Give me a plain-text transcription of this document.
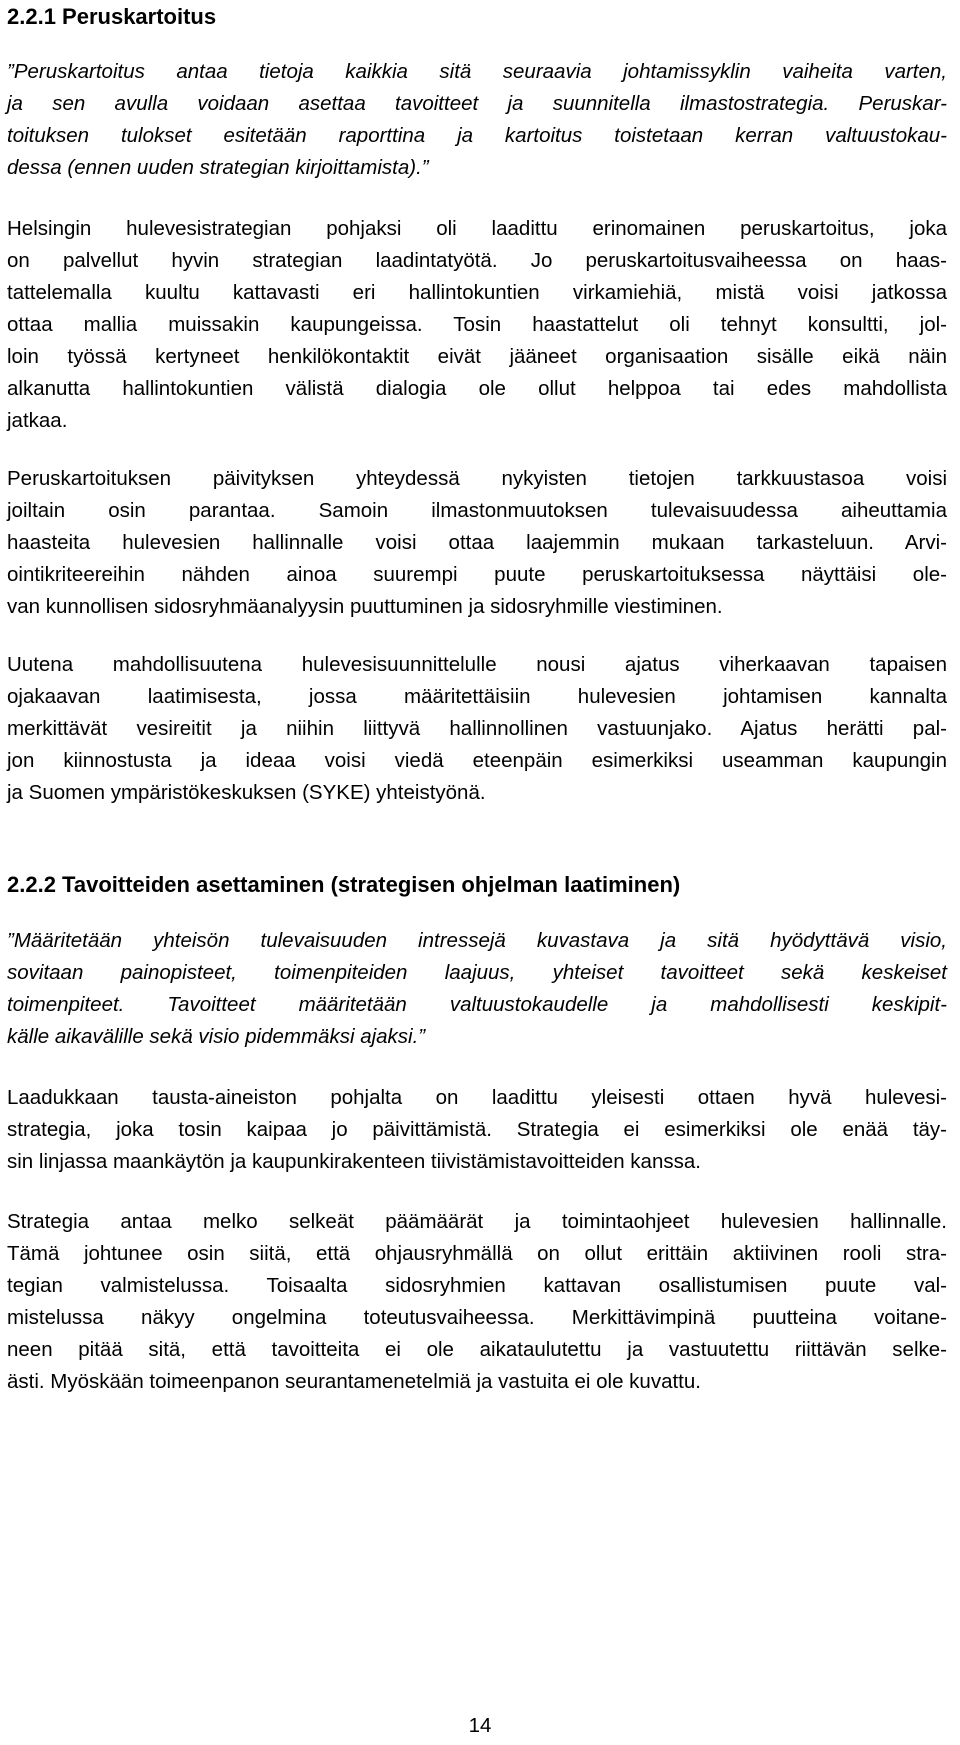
2.2.1 Peruskartoitus
”Peruskartoitus antaa tietoja kaikkia sitä seuraavia johtamissyklin vaiheita varten,
ja sen avulla voidaan asettaa tavoitteet ja suunnitella ilmastostrategia. Peruskar-
toituksen tulokset esitetään raporttina ja kartoitus toistetaan kerran valtuustokau-
dessa (ennen uuden strategian kirjoittamista).”
Helsingin hulevesistrategian pohjaksi oli laadittu erinomainen peruskartoitus, joka
on palvellut hyvin strategian laadintatyötä. Jo peruskartoitusvaiheessa on haas-
tattelemalla kuultu kattavasti eri hallintokuntien virkamiehiä, mistä voisi jatkossa
ottaa mallia muissakin kaupungeissa. Tosin haastattelut oli tehnyt konsultti, jol-
loin työssä kertyneet henkilökontaktit eivät jääneet organisaation sisälle eikä näin
alkanutta hallintokuntien välistä dialogia ole ollut helppoa tai edes mahdollista
jatkaa.
Peruskartoituksen päivityksen yhteydessä nykyisten tietojen tarkkuustasoa voisi
joiltain osin parantaa. Samoin ilmastonmuutoksen tulevaisuudessa aiheuttamia
haasteita hulevesien hallinnalle voisi ottaa laajemmin mukaan tarkasteluun. Arvi-
ointikriteereihin nähden ainoa suurempi puute peruskartoituksessa näyttäisi ole-
van kunnollisen sidosryhmäanalyysin puuttuminen ja sidosryhmille viestiminen.
Uutena mahdollisuutena hulevesisuunnittelulle nousi ajatus viherkaavan tapaisen
ojakaavan laatimisesta, jossa määritettäisiin hulevesien johtamisen kannalta
merkittävät vesireitit ja niihin liittyvä hallinnollinen vastuunjako. Ajatus herätti pal-
jon kiinnostusta ja ideaa voisi viedä eteenpäin esimerkiksi useamman kaupungin
ja Suomen ympäristökeskuksen (SYKE) yhteistyönä.
2.2.2 Tavoitteiden asettaminen (strategisen ohjelman laatiminen)
”Määritetään yhteisön tulevaisuuden intressejä kuvastava ja sitä hyödyttävä visio,
sovitaan painopisteet, toimenpiteiden laajuus, yhteiset tavoitteet sekä keskeiset
toimenpiteet. Tavoitteet määritetään valtuustokaudelle ja mahdollisesti keskipit-
källe aikavälille sekä visio pidemmäksi ajaksi.”
Laadukkaan tausta-aineiston pohjalta on laadittu yleisesti ottaen hyvä hulevesi-
strategia, joka tosin kaipaa jo päivittämistä. Strategia ei esimerkiksi ole enää täy-
sin linjassa maankäytön ja kaupunkirakenteen tiivistämistavoitteiden kanssa.
Strategia antaa melko selkeät päämäärät ja toimintaohjeet hulevesien hallinnalle.
Tämä johtunee osin siitä, että ohjausryhmällä on ollut erittäin aktiivinen rooli stra-
tegian valmistelussa. Toisaalta sidosryhmien kattavan osallistumisen puute val-
mistelussa näkyy ongelmina toteutusvaiheessa. Merkittävimpinä puutteina voitane-
neen pitää sitä, että tavoitteita ei ole aikataulutettu ja vastuutettu riittävän selke-
ästi. Myöskään toimeenpanon seurantamenetelmiä ja vastuita ei ole kuvattu.
14
